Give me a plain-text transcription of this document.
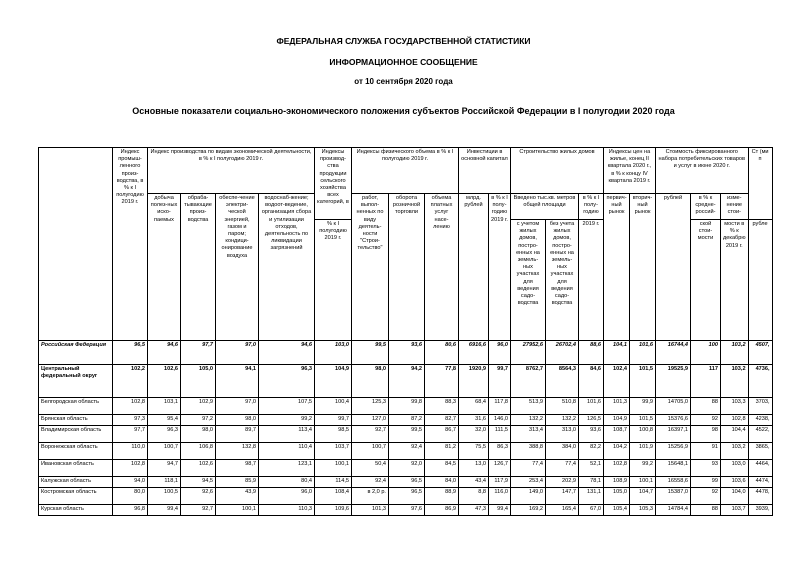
ФЕДЕРАЛЬНАЯ СЛУЖБА ГОСУДАРСТВЕННОЙ СТАТИСТИКИ
ИНФОРМАЦИОННОЕ СООБЩЕНИЕ
от 10 сентября 2020 года
Основные показатели социально-экономического положения субъектов Российской Федерации в I полугодии 2020 года
	Индекс промыш-ленного произ-водства, в % к I полугодию 2019 г.	Индекс производства по видам экономической деятельности, в % к I полугодию 2019 г.				Индексы производ-ства продукции сельского хозяйства всех категорий, в	Индексы физического объема в % к I полугодию 2019 г.			Инвестиции в основной капитал		Строительство жилых домов			Индексы цен на жилье, конец II квартала 2020 г., в % к концу IV квартала 2019 г.		Стоимость фиксированного набора потребительских товаров и услуг в июне 2020 г.			Ст (ми п
		добыча полез-ных иско-паемых	обраба-тывающие произ-водства	обеспе-чение электри-ческой энергией, газом и паром; кондици-онирование воздуха	водоснаб-жение; водоот-ведение, организация сбора и утилизации отходов, деятельность по ликвидации загрязнений		работ, выпол-ненных по виду деятель-ности "Строи-тельство"	оборота розничной торговли	объема платных услуг насе-лению	млрд. рублей	в % к I полу-годию 2019 г.	Введено тыс.кв. метров общей площади		в % к I полу-годию	первич-ный рынок	вторич-ный рынок	рублей	в % к средне-россий-	изме-нение стои-	
						% к I полугодию 2019 г.						с учетом жилых домов, постро-енных на земель-ных участках для ведения садо-водства	без учета жилых домов, постро-енных на земель-ных участках для ведения садо-водства	2019 г.				ской стои-мости	мости в % к декабрю 2019 г.	рубле
Российская Федерация	96,5	94,6	97,7	97,0	94,6	103,0	99,5	93,6	80,6	6916,6	96,0	27952,6	26702,4	88,6	104,1	101,6	16744,4	100	103,2	4507,
Центральный федеральный округ	102,2	102,6	105,0	94,1	96,3	104,9	98,0	94,2	77,8	1920,9	99,7	8762,7	8564,3	84,6	102,4	101,5	19525,9	117	103,2	4736,
Белгородская область	102,8	103,1	102,9	97,0	107,5	100,4	125,3	99,8	88,3	68,4	117,8	513,9	510,8	101,6	101,3	99,9	14705,0	88	103,3	3703,
Брянская область	97,3	95,4	97,2	98,0	99,2	99,7	127,0	87,2	82,7	31,6	146,0	132,2	132,2	126,5	104,9	101,5	15376,6	92	102,8	4238,
Владимирская область	97,7	96,3	98,0	89,7	113,4	98,5	92,7	99,5	86,7	32,0	111,5	313,4	313,0	93,6	108,7	100,8	16397,1	98	104,4	4522,
Воронежская область	110,0	100,7	106,8	132,8	110,4	103,7	100,7	92,4	81,2	75,5	86,3	388,8	384,0	82,2	104,2	101,9	15256,9	91	103,2	3865,
Ивановская область	102,8	94,7	102,6	98,7	123,1	100,1	50,4	92,0	84,5	13,0	126,7	77,4	77,4	52,1	102,8	99,2	15648,1	93	103,0	4464,
Калужская область	94,0	118,1	94,5	85,9	80,4	114,5	92,4	96,5	84,0	43,4	117,9	253,4	202,9	78,1	108,9	100,1	16558,6	99	103,6	4474,
Костромская область	80,0	100,5	92,6	43,9	96,0	108,4	в 2,0 р.	96,5	88,9	8,8	116,0	149,0	147,7	131,1	105,0	104,7	15387,0	92	104,0	4478,
Курская область	96,8	99,4	92,7	100,1	110,3	109,6	101,3	97,6	86,9	47,3	99,4	169,2	165,4	67,0	105,4	105,3	14784,4	88	103,7	3939,
